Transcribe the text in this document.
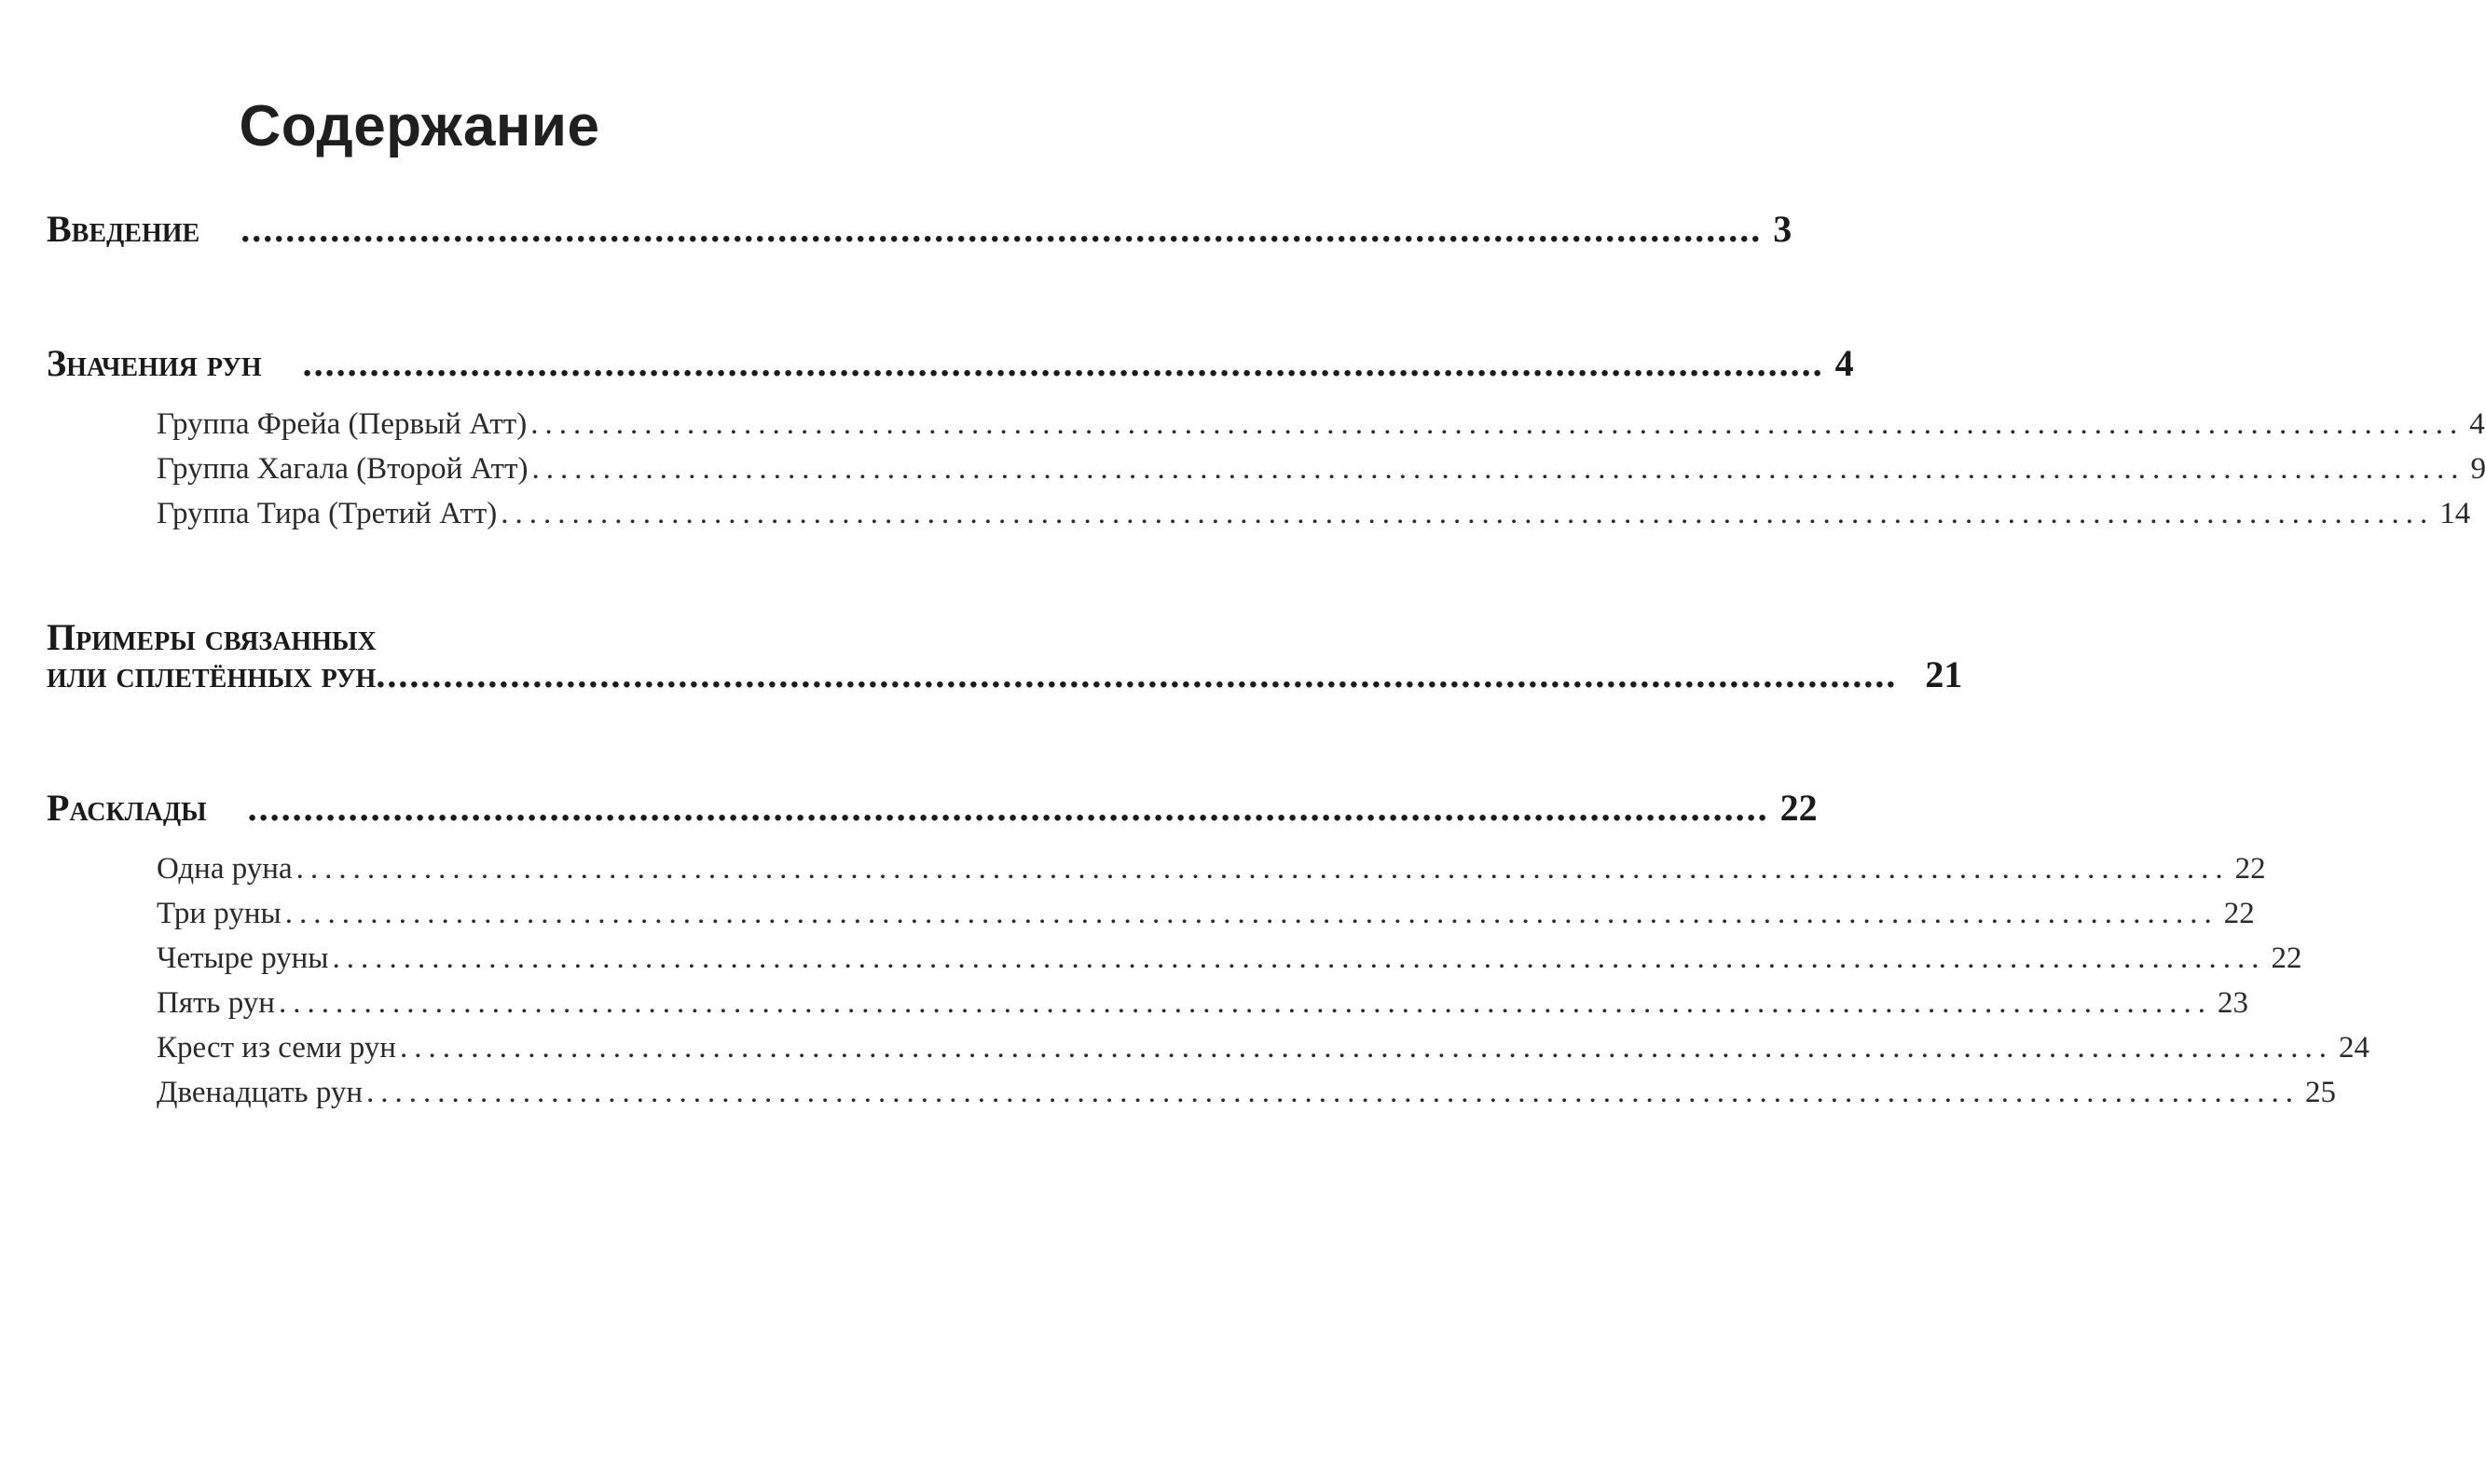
Содержание
Введение ........................................................................................................................................ 3
Значения рун ........................................................................................................................................ 4
Группа Фрейа (Первый Атт) ........................................................................................................................................ 4
Группа Хагала (Второй Атт) ........................................................................................................................................ 9
Группа Тира (Третий Атт) ........................................................................................................................................ 14
Примеры связанных
или сплетённых рун ........................................................................................................................................ 21
Расклады ........................................................................................................................................ 22
Одна руна ........................................................................................................................................ 22
Три руны ........................................................................................................................................ 22
Четыре руны ........................................................................................................................................ 22
Пять рун ........................................................................................................................................ 23
Крест из семи рун ........................................................................................................................................ 24
Двенадцать рун ........................................................................................................................................ 25
